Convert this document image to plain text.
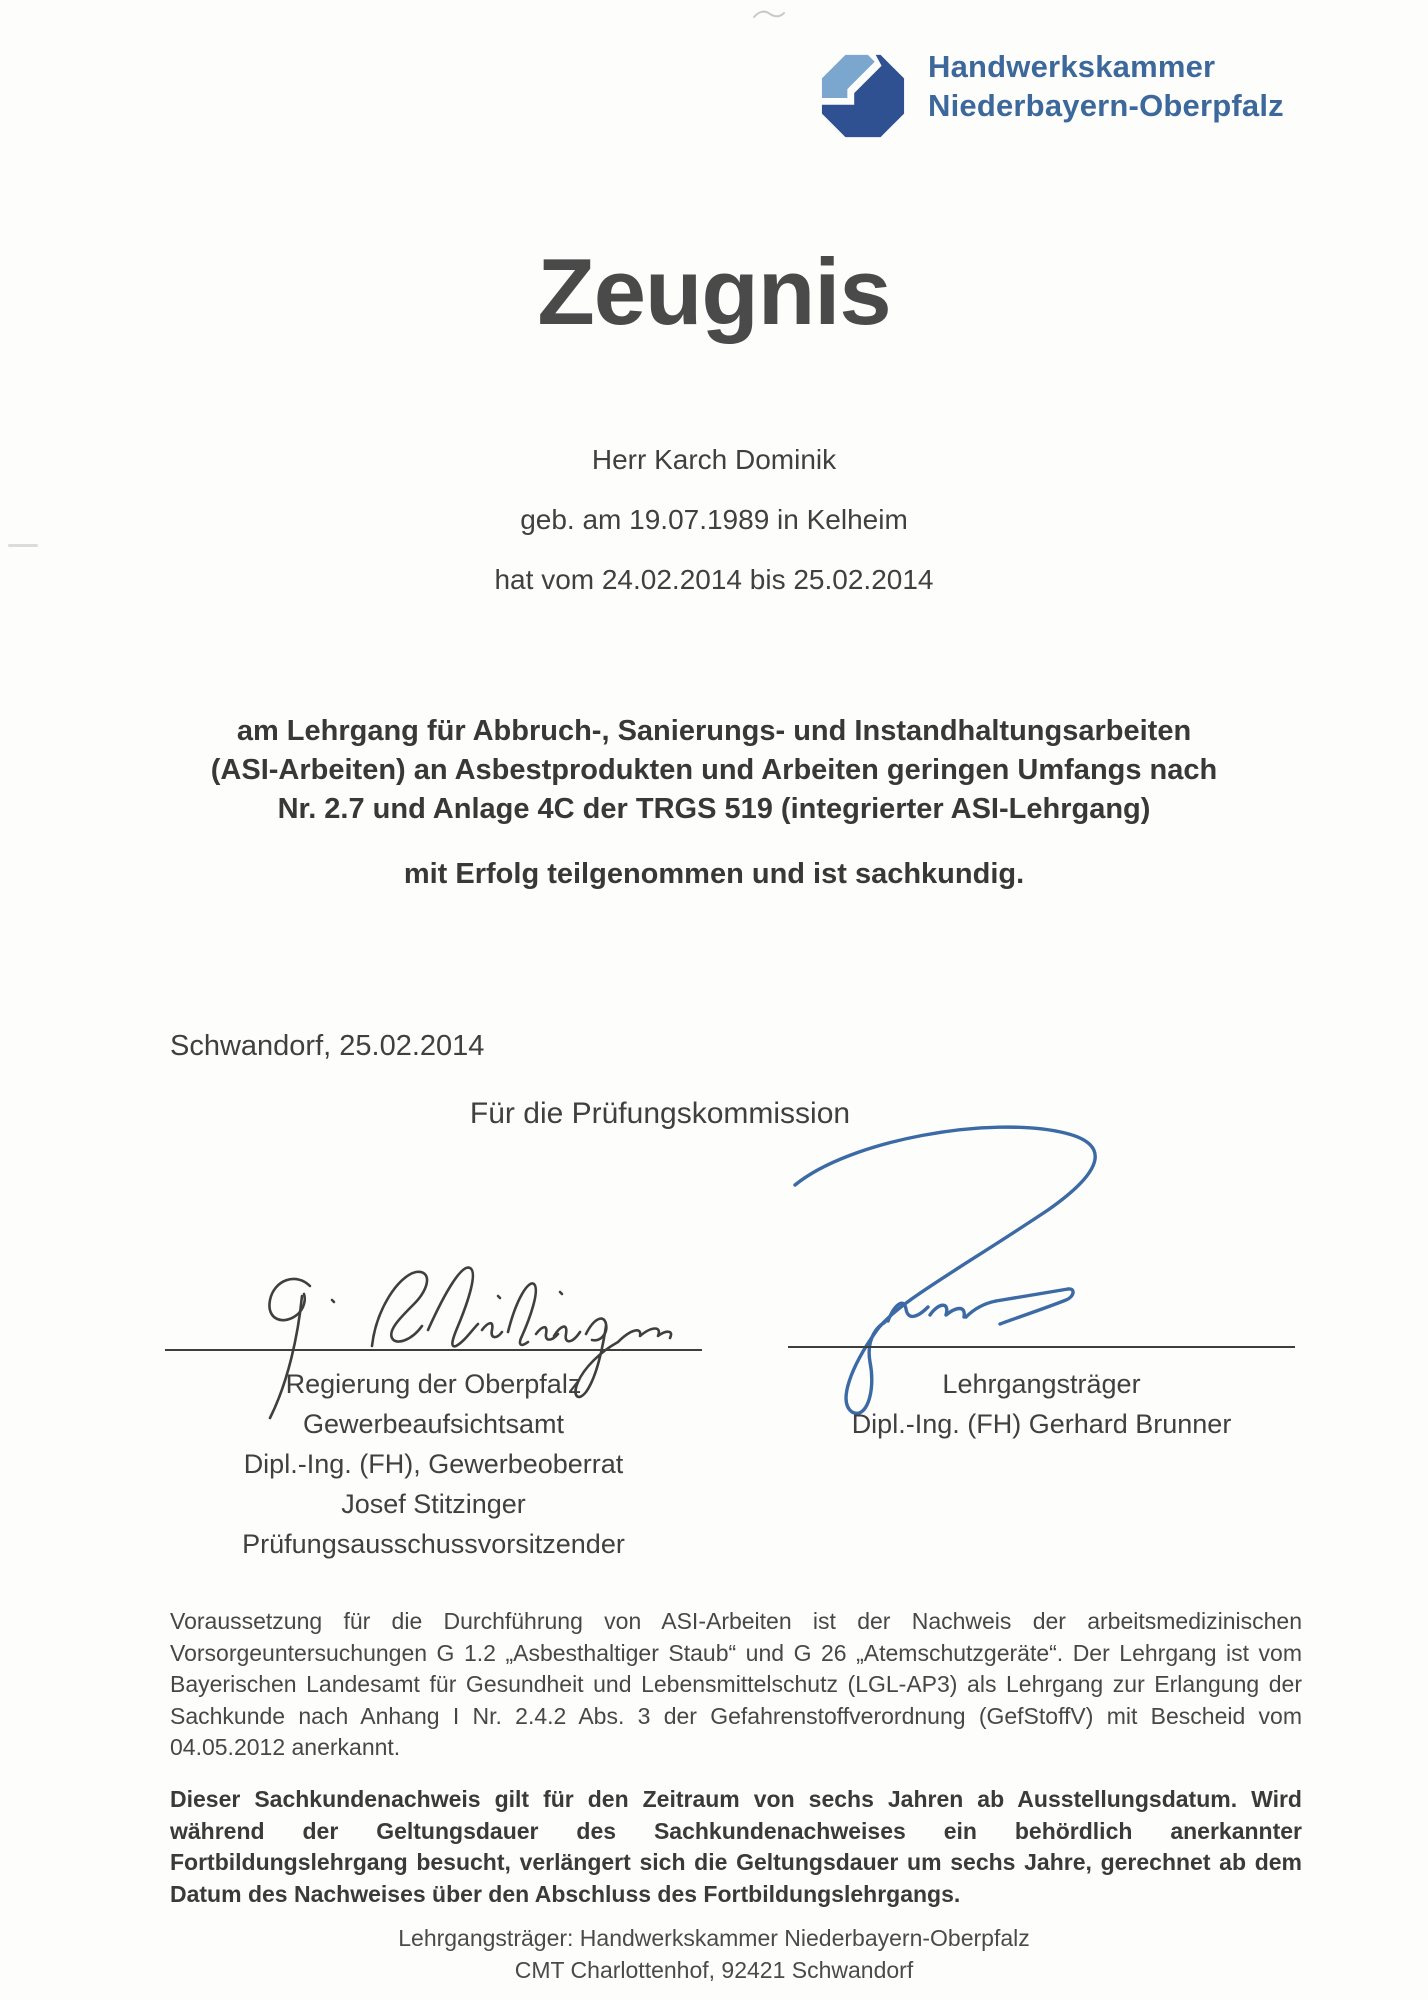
Handwerkskammer
Niederbayern-Oberpfalz
Zeugnis
Herr Karch Dominik
geb. am 19.07.1989 in Kelheim
hat vom 24.02.2014 bis 25.02.2014
am Lehrgang für Abbruch-, Sanierungs- und Instandhaltungsarbeiten
(ASI-Arbeiten) an Asbestprodukten und Arbeiten geringen Umfangs nach
Nr. 2.7 und Anlage 4C der TRGS 519 (integrierter ASI-Lehrgang)
mit Erfolg teilgenommen und ist sachkundig.
Schwandorf, 25.02.2014
Für die Prüfungskommission
Regierung der Oberpfalz
Gewerbeaufsichtsamt
Dipl.-Ing. (FH), Gewerbeoberrat
Josef Stitzinger
Prüfungsausschussvorsitzender
Lehrgangsträger
Dipl.-Ing. (FH) Gerhard Brunner

Voraussetzung für die Durchführung von ASI-Arbeiten ist der Nachweis der arbeitsmedizinischen Vorsorgeuntersuchungen G 1.2 „Asbesthaltiger Staub“ und G 26 „Atemschutzgeräte“. Der Lehrgang ist vom Bayerischen Landesamt für Gesundheit und Lebensmittelschutz (LGL-AP3) als Lehrgang zur Erlangung der Sachkunde nach Anhang I Nr. 2.4.2 Abs. 3 der Gefahrenstoffverordnung (GefStoffV) mit Bescheid vom 04.05.2012 anerkannt.

Dieser Sachkundenachweis gilt für den Zeitraum von sechs Jahren ab Ausstellungsdatum. Wird während der Geltungsdauer des Sachkundenachweises ein behördlich anerkannter Fortbildungslehrgang besucht, verlängert sich die Geltungsdauer um sechs Jahre, gerechnet ab dem Datum des Nachweises über den Abschluss des Fortbildungslehrgangs.

Lehrgangsträger: Handwerkskammer Niederbayern-Oberpfalz
CMT Charlottenhof, 92421 Schwandorf
